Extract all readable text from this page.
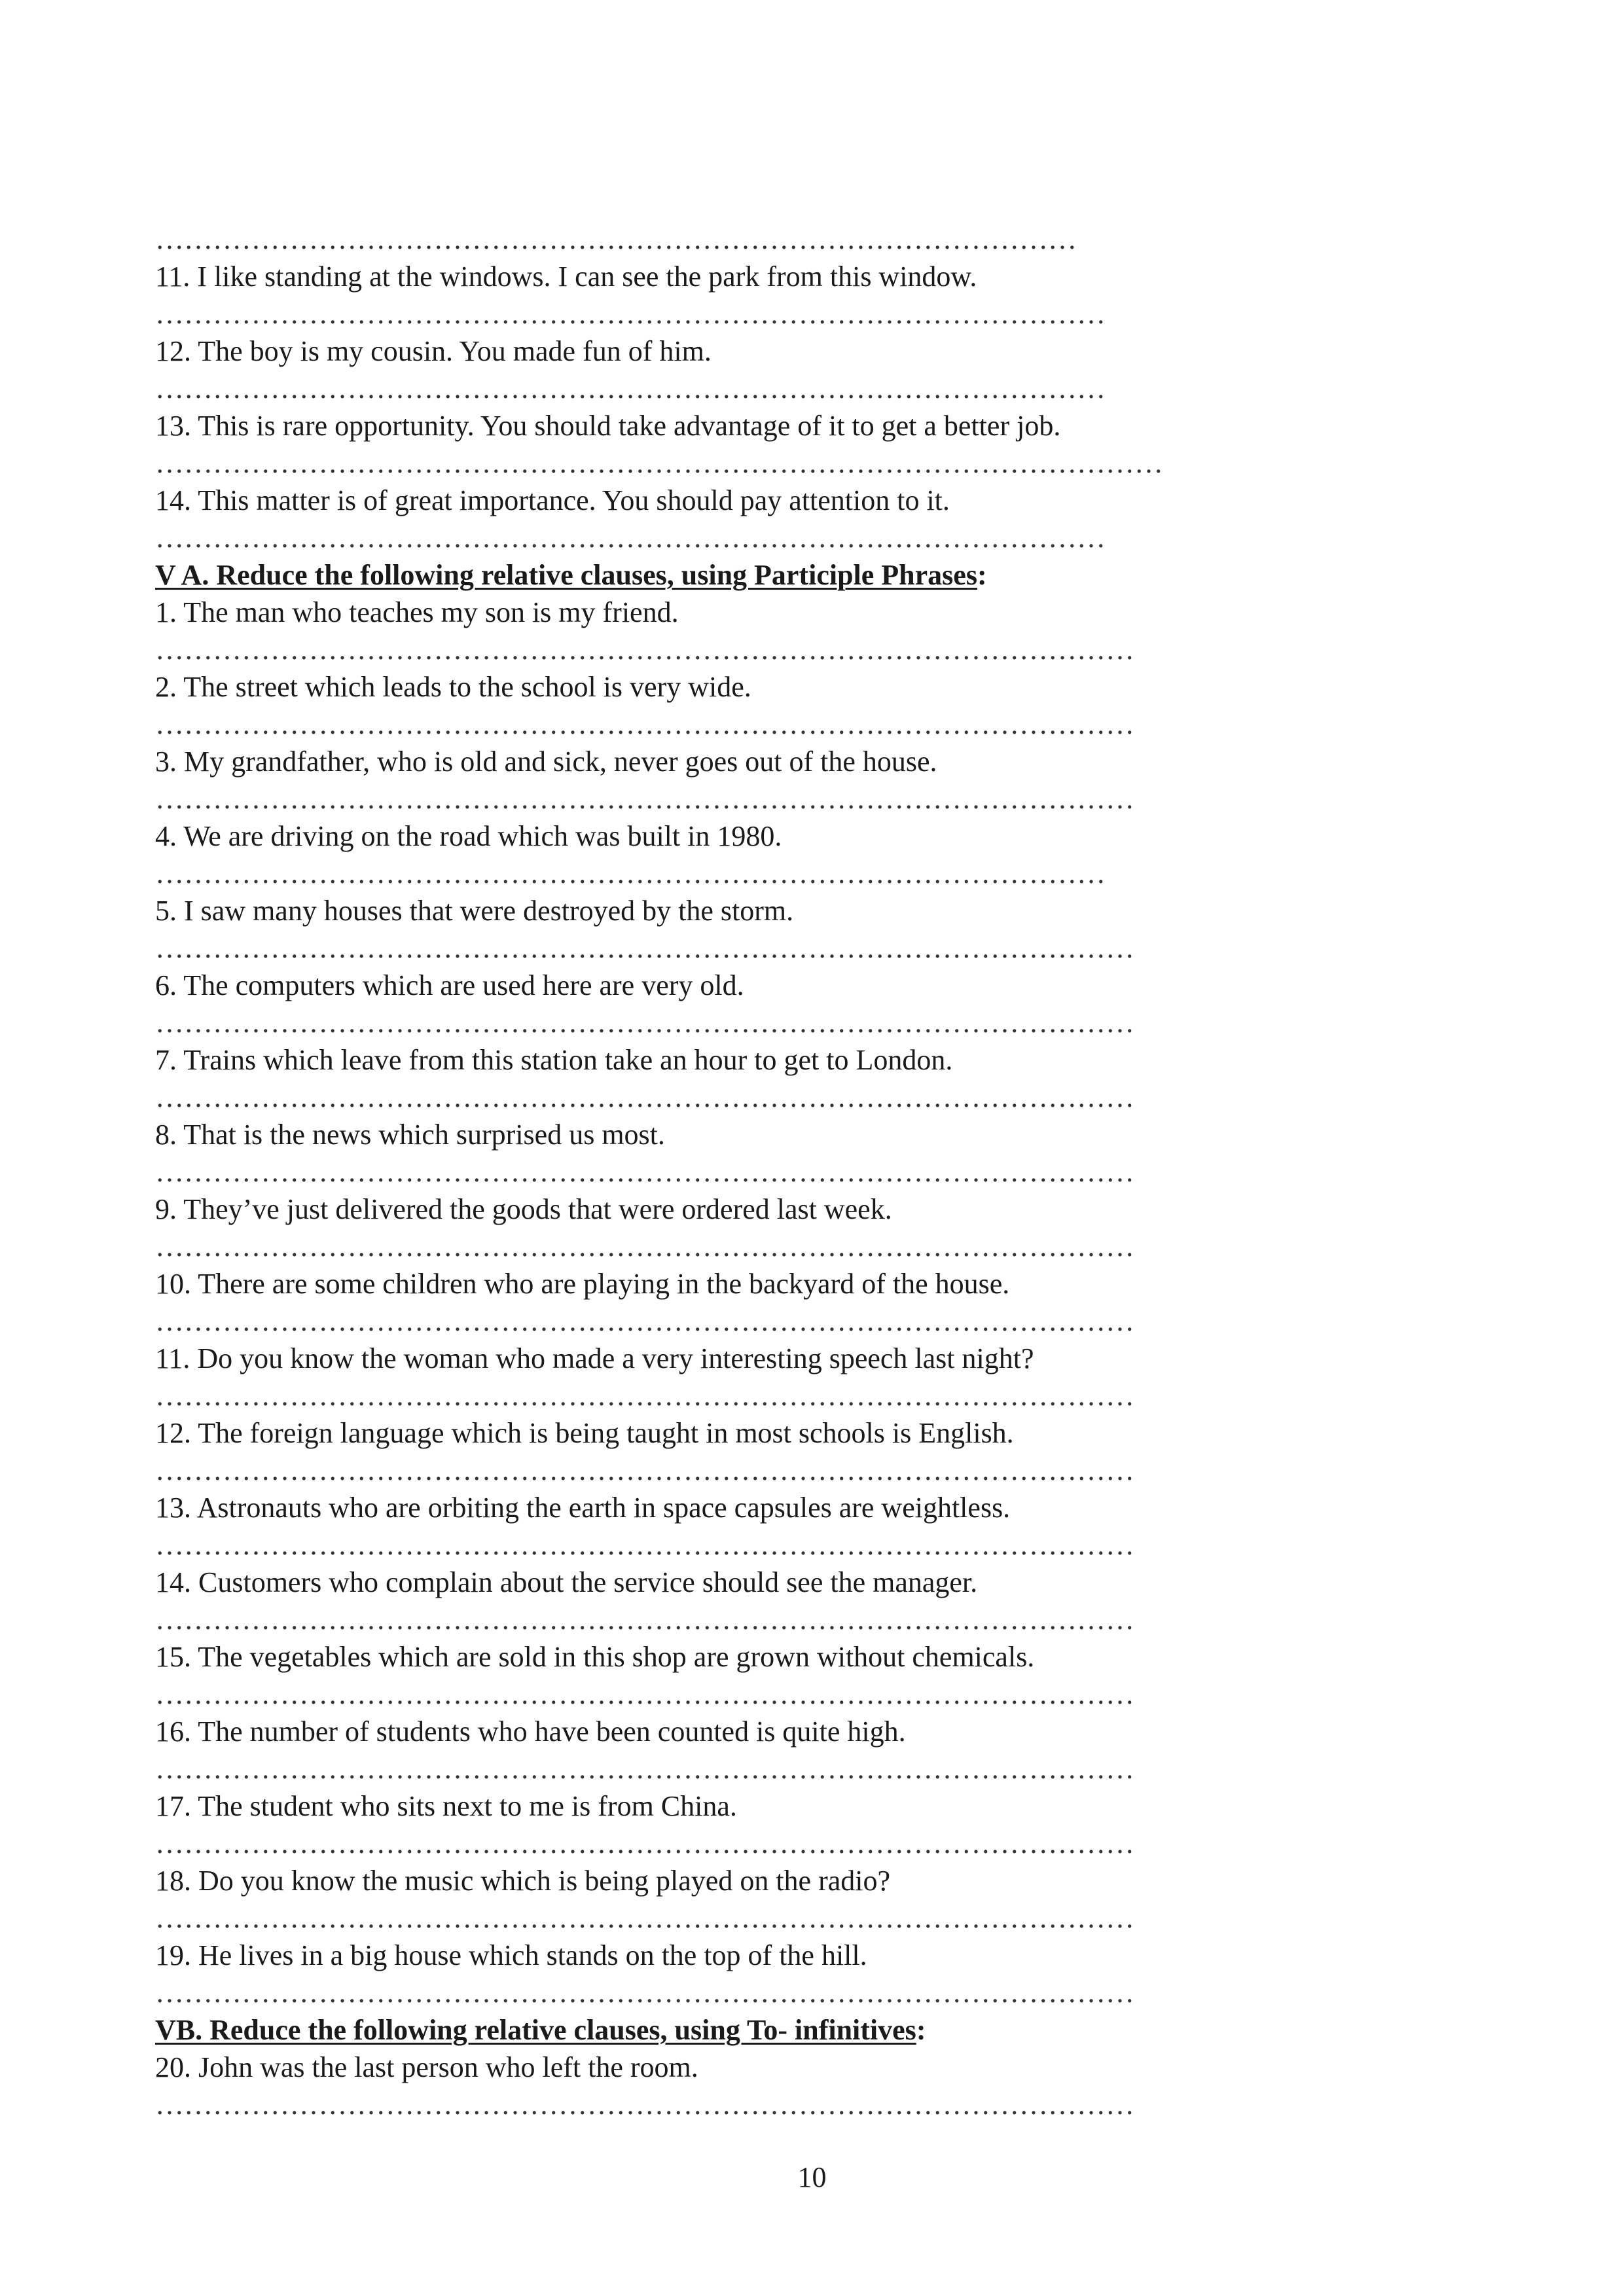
……………………………………………………………………………………
11. I like standing at the windows. I can see the park from this window.
………………………………………………………………………………………
12. The boy is my cousin. You made fun of him.
………………………………………………………………………………………
13. This is rare opportunity. You should take advantage of it to get a better job.
……………………………………………………………………………………………
14. This matter is of great importance. You should pay attention to it.
………………………………………………………………………………………
V A. Reduce the following relative clauses, using Participle Phrases:
1. The man who teaches my son is my friend.
…………………………………………………………………………………………
2. The street which leads to the school is very wide.
…………………………………………………………………………………………
3. My grandfather, who is old and sick, never goes out of the house.
…………………………………………………………………………………………
4. We are driving on the road which was built in 1980.
………………………………………………………………………………………
5. I saw many houses that were destroyed by the storm.
…………………………………………………………………………………………
6. The computers which are used here are very old.
…………………………………………………………………………………………
7. Trains which leave from this station take an hour to get to London.
…………………………………………………………………………………………
8. That is the news which surprised us most.
…………………………………………………………………………………………
9. They’ve just delivered the goods that were ordered last week.
…………………………………………………………………………………………
10. There are some children who are playing in the backyard of the house.
…………………………………………………………………………………………
11. Do you know the woman who made a very interesting speech last night?
…………………………………………………………………………………………
12. The foreign language which is being taught in most schools is English.
…………………………………………………………………………………………
13. Astronauts who are orbiting the earth in space capsules are weightless.
…………………………………………………………………………………………
14. Customers who complain about the service should see the manager.
…………………………………………………………………………………………
15. The vegetables which are sold in this shop are grown without chemicals.
…………………………………………………………………………………………
16. The number of students who have been counted is quite high.
…………………………………………………………………………………………
17. The student who sits next to me is from China.
…………………………………………………………………………………………
18. Do you know the music which is being played on the radio?
…………………………………………………………………………………………
19. He lives in a big house which stands on the top of the hill.
…………………………………………………………………………………………
VB. Reduce the following relative clauses, using To- infinitives:
20. John was the last person who left the room.
…………………………………………………………………………………………
10
